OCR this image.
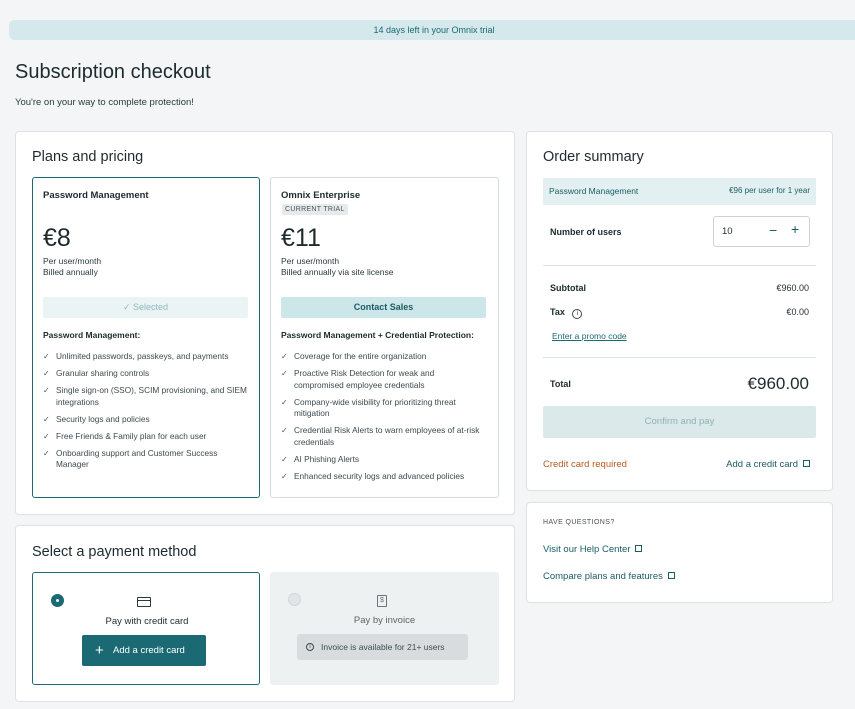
14 days left in your Omnix trial
Subscription checkout

You're on your way to complete protection!

Plans and pricing
Password Management
€8
Per user/month
Billed annually
✓ Selected
Password Management:
✓ Unlimited passwords, passkeys, and payments
✓ Granular sharing controls
✓ Single sign-on (SSO), SCIM provisioning, and SIEM integrations
✓ Security logs and policies
✓ Free Friends & Family plan for each user
✓ Onboarding support and Customer Success Manager
Omnix Enterprise
CURRENT TRIAL
€11
Per user/month
Billed annually via site license
Contact Sales
Password Management + Credential Protection:
✓ Coverage for the entire organization
✓ Proactive Risk Detection for weak and compromised employee credentials
✓ Company-wide visibility for prioritizing threat mitigation
✓ Credential Risk Alerts to warn employees of at-risk credentials
✓ AI Phishing Alerts
✓ Enhanced security logs and advanced policies
Select a payment method
Pay with credit card
+ Add a credit card
$
Pay by invoice
i	Invoice is available for 21+ users
Order summary
Password Management	€96 per user for 1 year
Number of users	10	− +
Subtotal	€960.00
Tax i	€0.00
Enter a promo code
Total	€960.00
Confirm and pay
Credit card required	Add a credit card
HAVE QUESTIONS?
Visit our Help Center
Compare plans and features
